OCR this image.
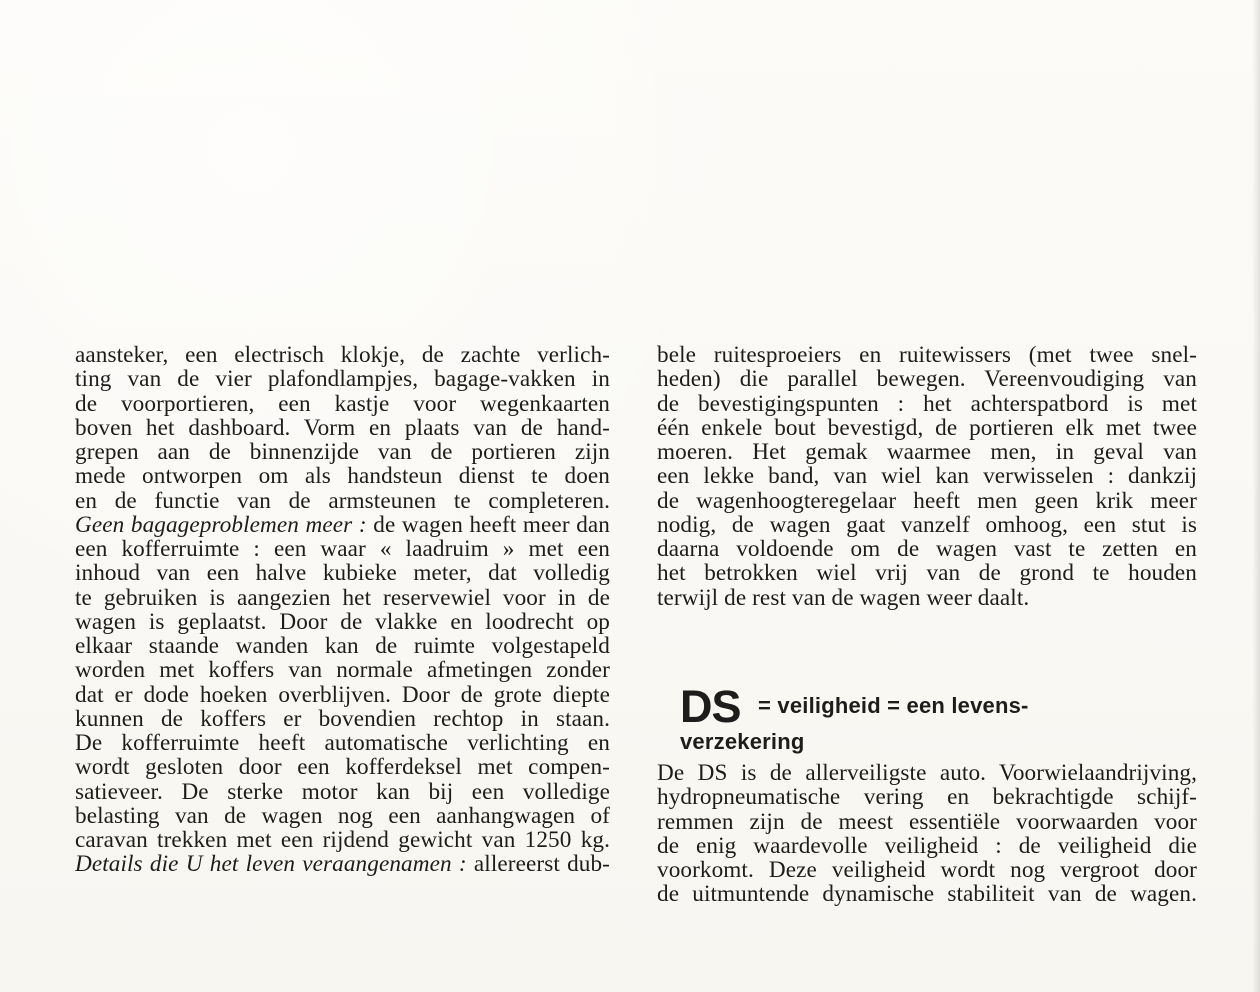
aansteker, een electrisch klokje, de zachte verlich-
ting van de vier plafondlampjes, bagage-vakken in
de voorportieren, een kastje voor wegenkaarten
boven het dashboard. Vorm en plaats van de hand-
grepen aan de binnenzijde van de portieren zijn
mede ontworpen om als handsteun dienst te doen
en de functie van de armsteunen te completeren.
Geen bagageproblemen meer : de wagen heeft meer dan
een kofferruimte : een waar « laadruim » met een
inhoud van een halve kubieke meter, dat volledig
te gebruiken is aangezien het reservewiel voor in de
wagen is geplaatst. Door de vlakke en loodrecht op
elkaar staande wanden kan de ruimte volgestapeld
worden met koffers van normale afmetingen zonder
dat er dode hoeken overblijven. Door de grote diepte
kunnen de koffers er bovendien rechtop in staan.
De kofferruimte heeft automatische verlichting en
wordt gesloten door een kofferdeksel met compen-
satieveer. De sterke motor kan bij een volledige
belasting van de wagen nog een aanhangwagen of
caravan trekken met een rijdend gewicht van 1250 kg.
Details die U het leven veraangenamen : allereerst dub-
bele ruitesproeiers en ruitewissers (met twee snel-
heden) die parallel bewegen. Vereenvoudiging van
de bevestigingspunten : het achterspatbord is met
één enkele bout bevestigd, de portieren elk met twee
moeren. Het gemak waarmee men, in geval van
een lekke band, van wiel kan verwisselen : dankzij
de wagenhoogteregelaar heeft men geen krik meer
nodig, de wagen gaat vanzelf omhoog, een stut is
daarna voldoende om de wagen vast te zetten en
het betrokken wiel vrij van de grond te houden
terwijl de rest van de wagen weer daalt.
DS = veiligheid = een levens-
verzekering
De DS is de allerveiligste auto. Voorwielaandrijving,
hydropneumatische vering en bekrachtigde schijf-
remmen zijn de meest essentiële voorwaarden voor
de enig waardevolle veiligheid : de veiligheid die
voorkomt. Deze veiligheid wordt nog vergroot door
de uitmuntende dynamische stabiliteit van de wagen.
